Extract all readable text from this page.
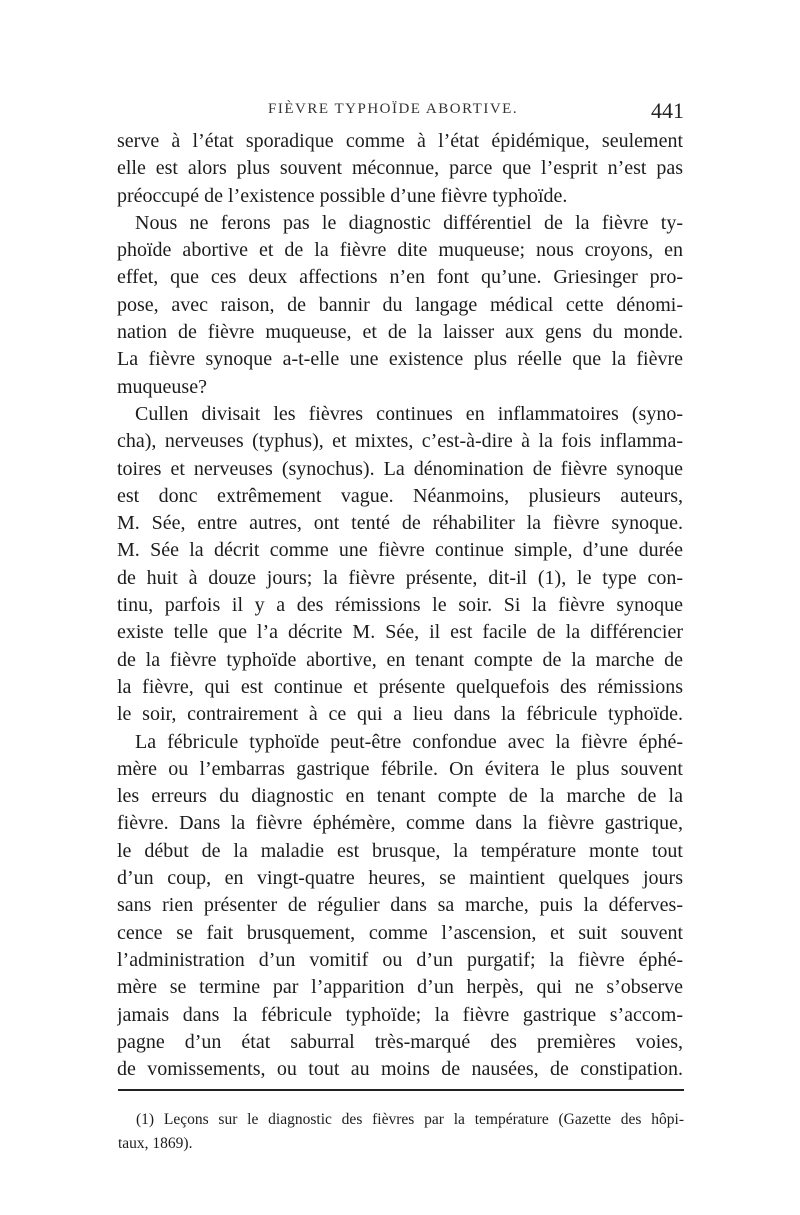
FIÈVRE TYPHOÏDE ABORTIVE.	441
serve à l’état sporadique comme à l’état épidémique, seulement
elle est alors plus souvent méconnue, parce que l’esprit n’est pas
préoccupé de l’existence possible d’une fièvre typhoïde.
Nous ne ferons pas le diagnostic différentiel de la fièvre ty-
phoïde abortive et de la fièvre dite muqueuse; nous croyons, en
effet, que ces deux affections n’en font qu’une. Griesinger pro-
pose, avec raison, de bannir du langage médical cette dénomi-
nation de fièvre muqueuse, et de la laisser aux gens du monde.
La fièvre synoque a-t-elle une existence plus réelle que la fièvre
muqueuse?
Cullen divisait les fièvres continues en inflammatoires (syno-
cha), nerveuses (typhus), et mixtes, c’est-à-dire à la fois inflamma-
toires et nerveuses (synochus). La dénomination de fièvre synoque
est donc extrêmement vague. Néanmoins, plusieurs auteurs,
M. Sée, entre autres, ont tenté de réhabiliter la fièvre synoque.
M. Sée la décrit comme une fièvre continue simple, d’une durée
de huit à douze jours; la fièvre présente, dit-il (1), le type con-
tinu, parfois il y a des rémissions le soir. Si la fièvre synoque
existe telle que l’a décrite M. Sée, il est facile de la différencier
de la fièvre typhoïde abortive, en tenant compte de la marche de
la fièvre, qui est continue et présente quelquefois des rémissions
le soir, contrairement à ce qui a lieu dans la fébricule typhoïde.
La fébricule typhoïde peut-être confondue avec la fièvre éphé-
mère ou l’embarras gastrique fébrile. On évitera le plus souvent
les erreurs du diagnostic en tenant compte de la marche de la
fièvre. Dans la fièvre éphémère, comme dans la fièvre gastrique,
le début de la maladie est brusque, la température monte tout
d’un coup, en vingt-quatre heures, se maintient quelques jours
sans rien présenter de régulier dans sa marche, puis la déferves-
cence se fait brusquement, comme l’ascension, et suit souvent
l’administration d’un vomitif ou d’un purgatif; la fièvre éphé-
mère se termine par l’apparition d’un herpès, qui ne s’observe
jamais dans la fébricule typhoïde; la fièvre gastrique s’accom-
pagne d’un état saburral très-marqué des premières voies,
de vomissements, ou tout au moins de nausées, de constipation.
(1) Leçons sur le diagnostic des fièvres par la température (Gazette des hôpi-
taux, 1869).
